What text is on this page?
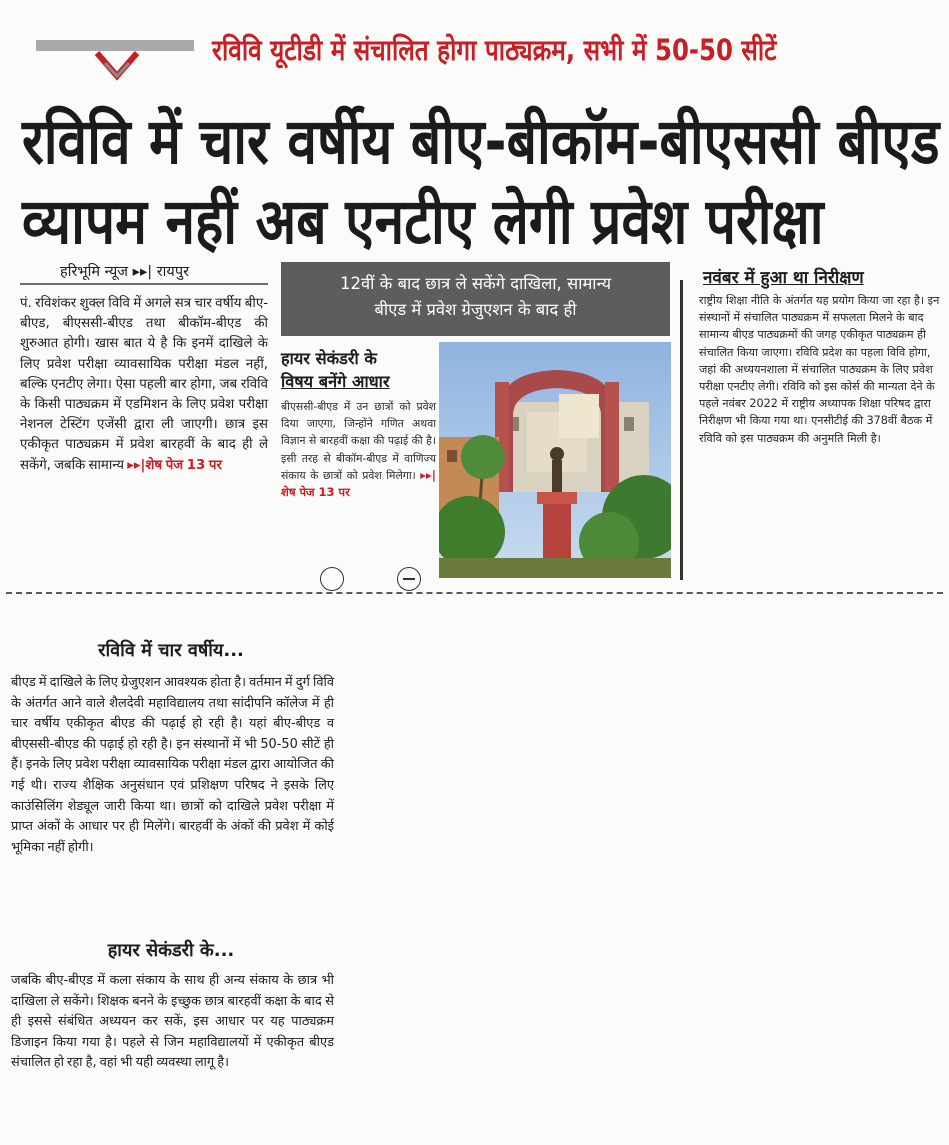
रविवि यूटीडी में संचालित होगा पाठ्यक्रम, सभी में 50-50 सीटें
रविवि में चार वर्षीय बीए-बीकॉम-बीएससी बीएड
व्यापम नहीं अब एनटीए लेगी प्रवेश परीक्षा
हरिभूमि न्यूज ▸▸| रायपुर
पं. रविशंकर शुक्ल विवि में अगले सत्र चार वर्षीय बीए-बीएड, बीएससी-बीएड तथा बीकॉम-बीएड की शुरुआत होगी। खास बात ये है कि इनमें दाखिले के लिए प्रवेश परीक्षा व्यावसायिक परीक्षा मंडल नहीं, बल्कि एनटीए लेगा। ऐसा पहली बार होगा, जब रविवि के किसी पाठ्यक्रम में एडमिशन के लिए प्रवेश परीक्षा नेशनल टेस्टिंग एजेंसी द्वारा ली जाएगी। छात्र इस एकीकृत पाठ्यक्रम में प्रवेश बारहवीं के बाद ही ले सकेंगे, जबकि सामान्य ▸▸|शेष पेज 13 पर
12वीं के बाद छात्र ले सकेंगे दाखिला, सामान्य
बीएड में प्रवेश ग्रेजुएशन के बाद ही
हायर सेकंडरी के
विषय बनेंगे आधार
बीएससी-बीएड में उन छात्रों को प्रवेश दिया जाएगा, जिन्होंने गणित अथवा विज्ञान से बारहवीं कक्षा की पढ़ाई की है। इसी तरह से बीकॉम-बीएड में वाणिज्य संकाय के छात्रों को प्रवेश मिलेगा। ▸▸|शेष पेज 13 पर
नवंबर में हुआ था निरीक्षण
राष्ट्रीय शिक्षा नीति के अंतर्गत यह प्रयोग किया जा रहा है। इन संस्थानों में संचालित पाठ्यक्रम में सफलता मिलने के बाद सामान्य बीएड पाठ्यक्रमों की जगह एकीकृत पाठ्यक्रम ही संचालित किया जाएगा। रविवि प्रदेश का पहला विवि होगा, जहां की अध्ययनशाला में संचालित पाठ्यक्रम के लिए प्रवेश परीक्षा एनटीए लेगी। रविवि को इस कोर्स की मान्यता देने के पहले नवंबर 2022 में राष्ट्रीय अध्यापक शिक्षा परिषद द्वारा निरीक्षण भी किया गया था। एनसीटीई की 378वीं बैठक में रविवि को इस पाठ्यक्रम की अनुमति मिली है।
रविवि में चार वर्षीय...
बीएड में दाखिले के लिए ग्रेजुएशन आवश्यक होता है। वर्तमान में दुर्ग विवि के अंतर्गत आने वाले शैलदेवी महाविद्यालय तथा सांदीपनि कॉलेज में ही चार वर्षीय एकीकृत बीएड की पढ़ाई हो रही है। यहां बीए-बीएड व बीएससी-बीएड की पढ़ाई हो रही है। इन संस्थानों में भी 50-50 सीटें ही हैं। इनके लिए प्रवेश परीक्षा व्यावसायिक परीक्षा मंडल द्वारा आयोजित की गई थी। राज्य शैक्षिक अनुसंधान एवं प्रशिक्षण परिषद ने इसके लिए काउंसिलिंग शेड्यूल जारी किया था। छात्रों को दाखिले प्रवेश परीक्षा में प्राप्त अंकों के आधार पर ही मिलेंगे। बारहवीं के अंकों की प्रवेश में कोई भूमिका नहीं होगी।
हायर सेकंडरी के...
जबकि बीए-बीएड में कला संकाय के साथ ही अन्य संकाय के छात्र भी दाखिला ले सकेंगे। शिक्षक बनने के इच्छुक छात्र बारहवीं कक्षा के बाद से ही इससे संबंधित अध्ययन कर सकें, इस आधार पर यह पाठ्यक्रम डिजाइन किया गया है। पहले से जिन महाविद्यालयों में एकीकृत बीएड संचालित हो रहा है, वहां भी यही व्यवस्था लागू है।
